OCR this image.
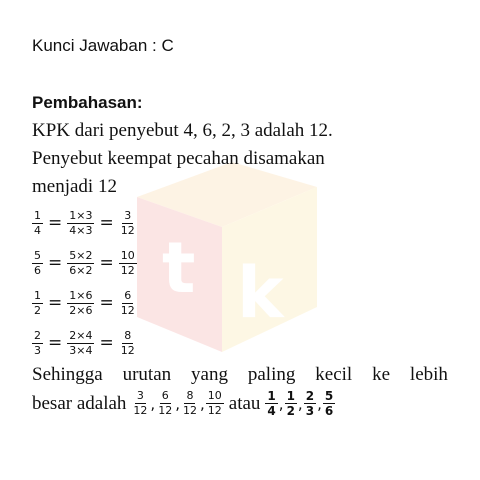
t k
Kunci Jawaban : C
Pembahasan:
KPK dari penyebut 4, 6, 2, 3 adalah 12.
Penyebut keempat pecahan disamakan
menjadi 12
$\frac{1}{4} = \frac{1\times 3}{4\times 3} = \frac{3}{12}$
$\frac{5}{6} = \frac{5\times 2}{6\times 2} = \frac{10}{12}$
$\frac{1}{2} = \frac{1\times 6}{2\times 6} = \frac{6}{12}$
$\frac{2}{3} = \frac{2\times 4}{3\times 4} = \frac{8}{12}$
Sehingga urutan yang paling kecil ke lebih
besar adalah $\frac{3}{12}$ , $\frac{6}{12}$ , $\frac{8}{12}$ , $\frac{10}{12}$ atau $\frac{1}{4}$ , $\frac{1}{2}$ , $\frac{2}{3}$ , $\frac{5}{6}$
